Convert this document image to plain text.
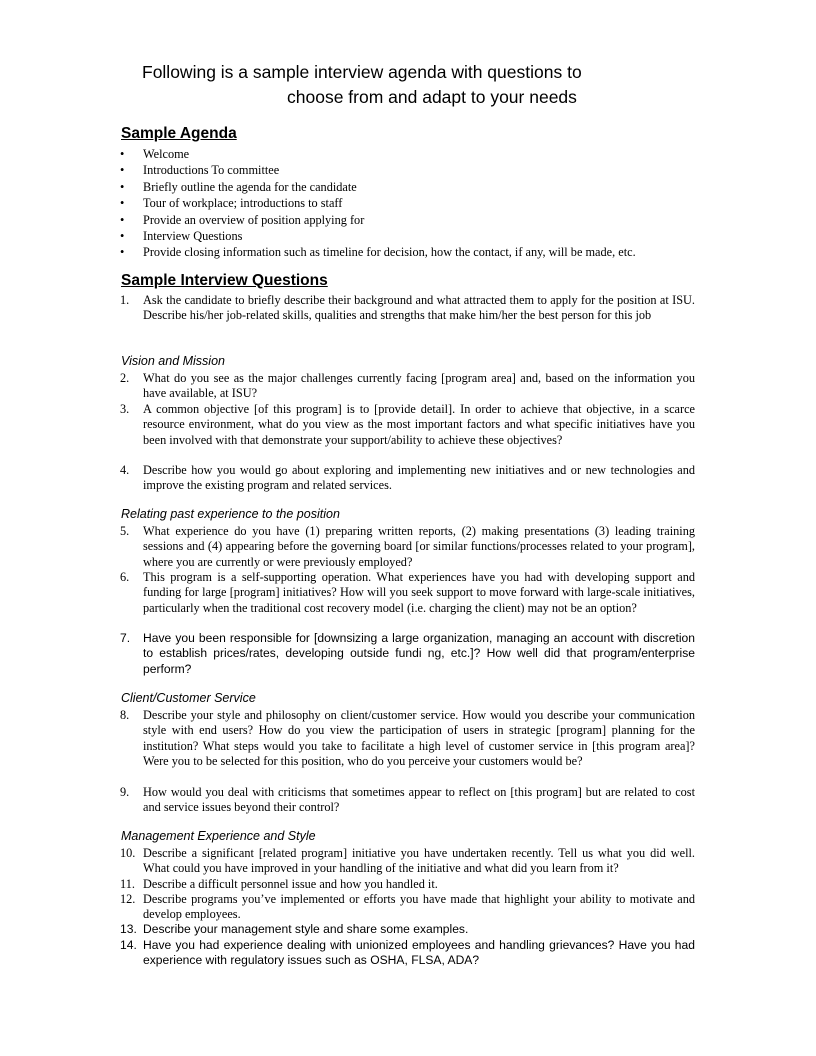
Following is a sample interview agenda with questions to
choose from and adapt to your needs
Sample Agenda
• Welcome
• Introductions To committee
• Briefly outline the agenda for the candidate
• Tour of workplace; introductions to staff
• Provide an overview of position applying for
• Interview Questions
• Provide closing information such as timeline for decision, how the contact, if any, will be made, etc.
Sample Interview Questions
1. Ask the candidate to briefly describe their background and what attracted them to apply for the position at ISU. Describe his/her job-related skills, qualities and strengths that make him/her the best person for this job
Vision and Mission
2. What do you see as the major challenges currently facing [program area] and, based on the information you have available, at ISU?
3. A common objective [of this program] is to [provide detail]. In order to achieve that objective, in a scarce resource environment, what do you view as the most important factors and what specific initiatives have you been involved with that demonstrate your support/ability to achieve these objectives?
4. Describe how you would go about exploring and implementing new initiatives and or new technologies and improve the existing program and related services.
Relating past experience to the position
5. What experience do you have (1) preparing written reports, (2) making presentations (3) leading training sessions and (4) appearing before the governing board [or similar functions/processes related to your program], where you are currently or were previously employed?
6. This program is a self-supporting operation. What experiences have you had with developing support and funding for large [program] initiatives? How will you seek support to move forward with large-scale initiatives, particularly when the traditional cost recovery model (i.e. charging the client) may not be an option?
7. Have you been responsible for [downsizing a large organization, managing an account with discretion to establish prices/rates, developing outside fundi ng, etc.]? How well did that program/enterprise perform?
Client/Customer Service
8. Describe your style and philosophy on client/customer service. How would you describe your communication style with end users? How do you view the participation of users in strategic [program] planning for the institution? What steps would you take to facilitate a high level of customer service in [this program area]? Were you to be selected for this position, who do you perceive your customers would be?
9. How would you deal with criticisms that sometimes appear to reflect on [this program] but are related to cost and service issues beyond their control?
Management Experience and Style
10. Describe a significant [related program] initiative you have undertaken recently. Tell us what you did well. What could you have improved in your handling of the initiative and what did you learn from it?
11. Describe a difficult personnel issue and how you handled it.
12. Describe programs you’ve implemented or efforts you have made that highlight your ability to motivate and develop employees.
13. Describe your management style and share some examples.
14. Have you had experience dealing with unionized employees and handling grievances? Have you had experience with regulatory issues such as OSHA, FLSA, ADA?
